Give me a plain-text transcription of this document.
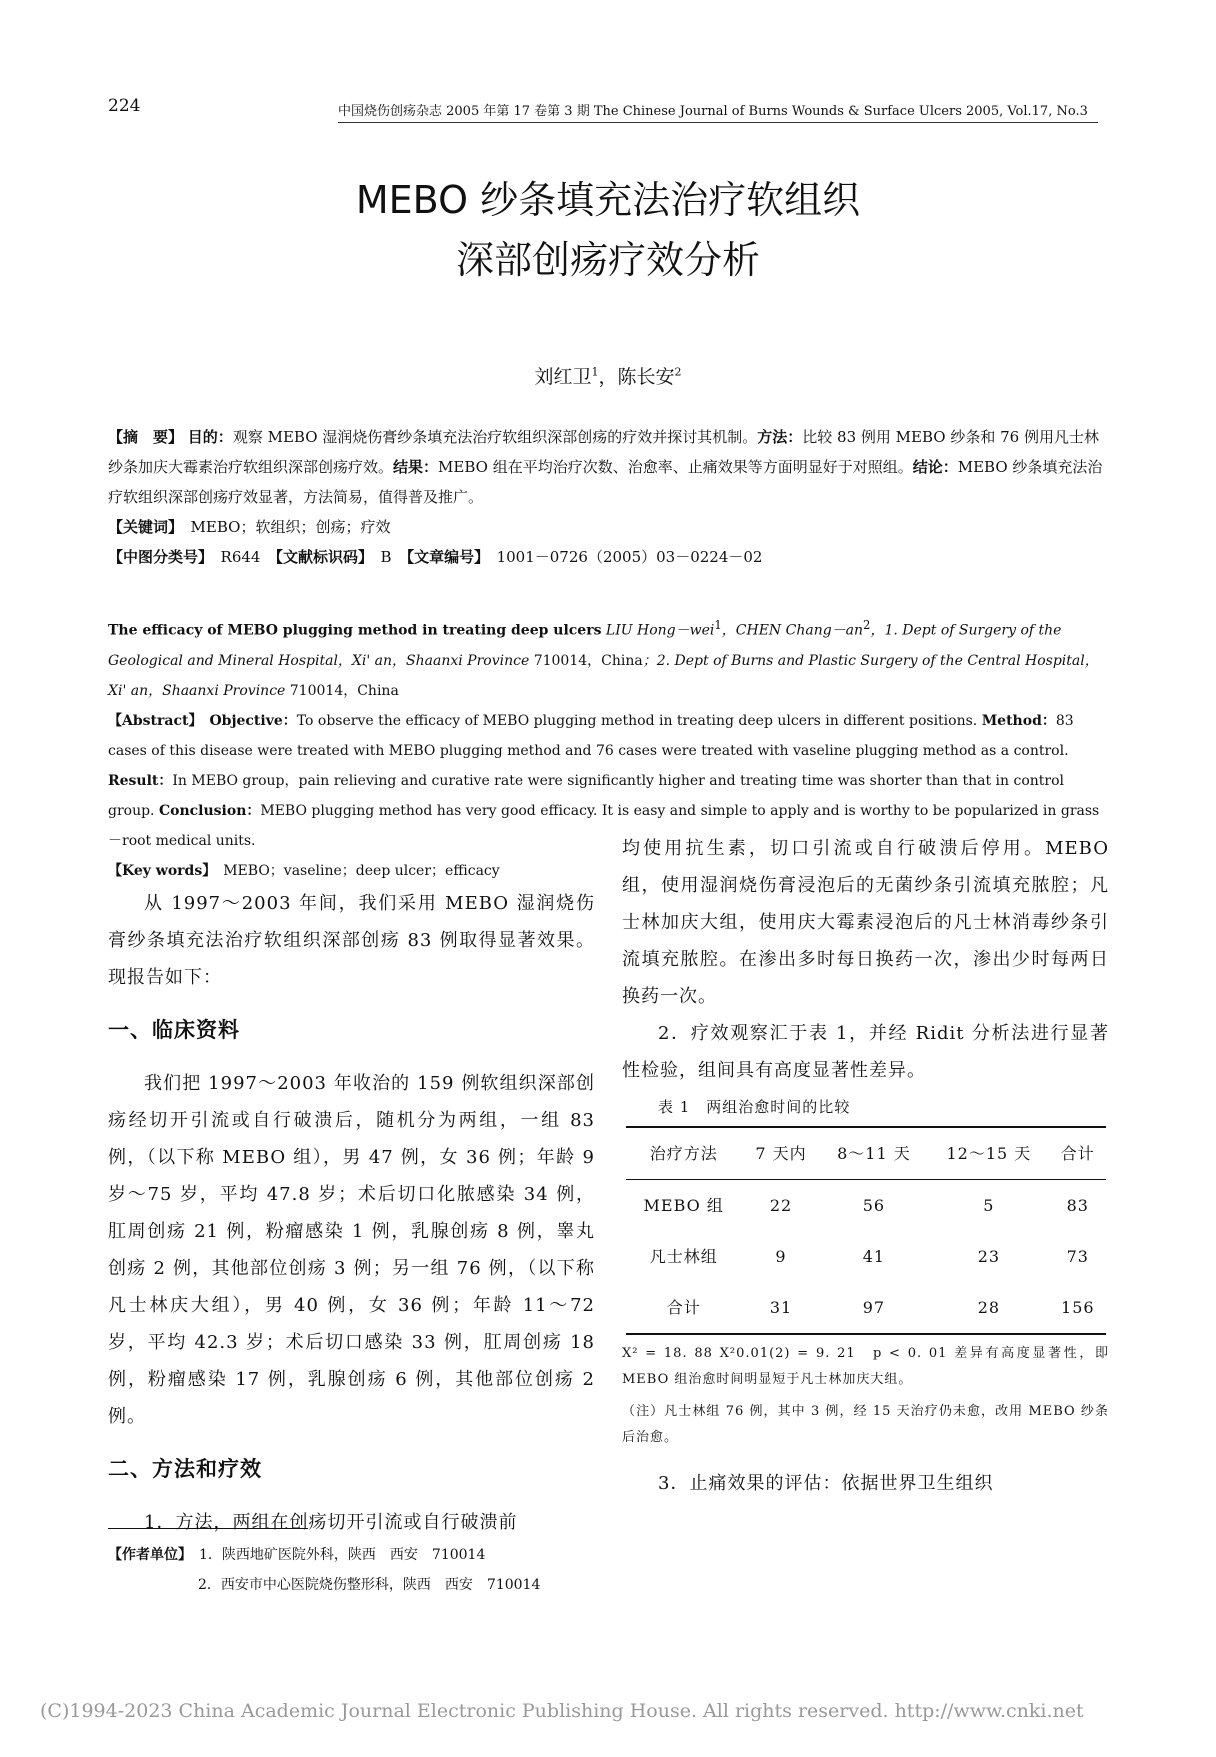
224	中国烧伤创疡杂志 2005 年第 17 卷第 3 期 The Chinese Journal of Burns Wounds & Surface Ulcers 2005, Vol.17, No.3
MEBO 纱条填充法治疗软组织
深部创疡疗效分析
刘红卫$^1$，陈长安$^2$
【摘　要】 目的：观察 MEBO 湿润烧伤膏纱条填充法治疗软组织深部创疡的疗效并探讨其机制。方法：比较 83 例用 MEBO 纱条和 76 例用凡士林纱条加庆大霉素治疗软组织深部创疡疗效。结果：MEBO 组在平均治疗次数、治愈率、止痛效果等方面明显好于对照组。结论：MEBO 纱条填充法治疗软组织深部创疡疗效显著，方法简易，值得普及推广。
【关键词】　 MEBO；软组织；创疡；疗效
【中图分类号】　 R644　 【文献标识码】　 B　 【文章编号】　 1001－0726（2005）03－0224－02
The efficacy of MEBO plugging method in treating deep ulcers LIU Hong－wei$^1$，CHEN $Chang-an^2$，1. Dept of Surgery of the Geological and Mineral Hospital，Xi' an，Shaanxi Province 710014，China；2. Dept of Burns and Plastic Surgery of the Central Hospital，Xi' an，Shaanxi Province 710014，China
【Abstract】　 Objective：To observe the efficacy of MEBO plugging method in treating deep ulcers in different positions. Method：83 cases of this disease were treated with MEBO plugging method and 76 cases were treated with vaseline plugging method as a control. Result：In MEBO group，pain relieving and curative rate were significantly higher and treating time was shorter than that in control group. Conclusion：MEBO plugging method has very good efficacy. It is easy and simple to apply and is worthy to be popularized in grass－root medical units.
【Key words】　 MEBO；vaseline；deep ulcer；efficacy

从 1997～2003 年间，我们采用 MEBO 湿润烧伤膏纱条填充法治疗软组织深部创疡 83 例取得显著效果。现报告如下：

一、临床资料

我们把 1997～2003 年收治的 159 例软组织深部创疡经切开引流或自行破溃后，随机分为两组，一组 83 例，（以下称 MEBO 组），男 47 例，女 36 例；年龄 9 岁～75 岁，平均 47.8 岁；术后切口化脓感染 34 例，肛周创疡 21 例，粉瘤感染 1 例，乳腺创疡 8 例，睾丸创疡 2 例，其他部位创疡 3 例；另一组 76 例，（以下称凡士林庆大组），男 40 例，女 36 例；年龄 11～72 岁，平均 42.3 岁；术后切口感染 33 例，肛周创疡 18 例，粉瘤感染 17 例，乳腺创疡 6 例，其他部位创疡 2 例。

二、方法和疗效

1．方法，两组在创疡切开引流或自行破溃前

均使用抗生素，切口引流或自行破溃后停用。MEBO 组，使用湿润烧伤膏浸泡后的无菌纱条引流填充脓腔；凡士林加庆大组，使用庆大霉素浸泡后的凡士林消毒纱条引流填充脓腔。在渗出多时每日换药一次，渗出少时每两日换药一次。

2．疗效观察汇于表 1，并经 Ridit 分析法进行显著性检验，组间具有高度显著性差异。

表 1　两组治愈时间的比较

治疗方法	7 天内	8～11 天	12～15 天	合计
MEBO 组	22	56	5	83
凡士林组	9	41	23	73
合计	31	97	28	156

X² = 18. 88 X²0.01(2) = 9. 21　p < 0. 01 差异有高度显著性，即 MEBO 组治愈时间明显短于凡士林加庆大组。

（注）凡士林组 76 例，其中 3 例，经 15 天治疗仍未愈，改用 MEBO 纱条后治愈。

3．止痛效果的评估：依据世界卫生组织

【作者单位】　 1．陕西地矿医院外科，陕西　西安　710014
2．西安市中心医院烧伤整形科，陕西　西安　710014
(C)1994-2023 China Academic Journal Electronic Publishing House. All rights reserved. http://www.cnki.net
